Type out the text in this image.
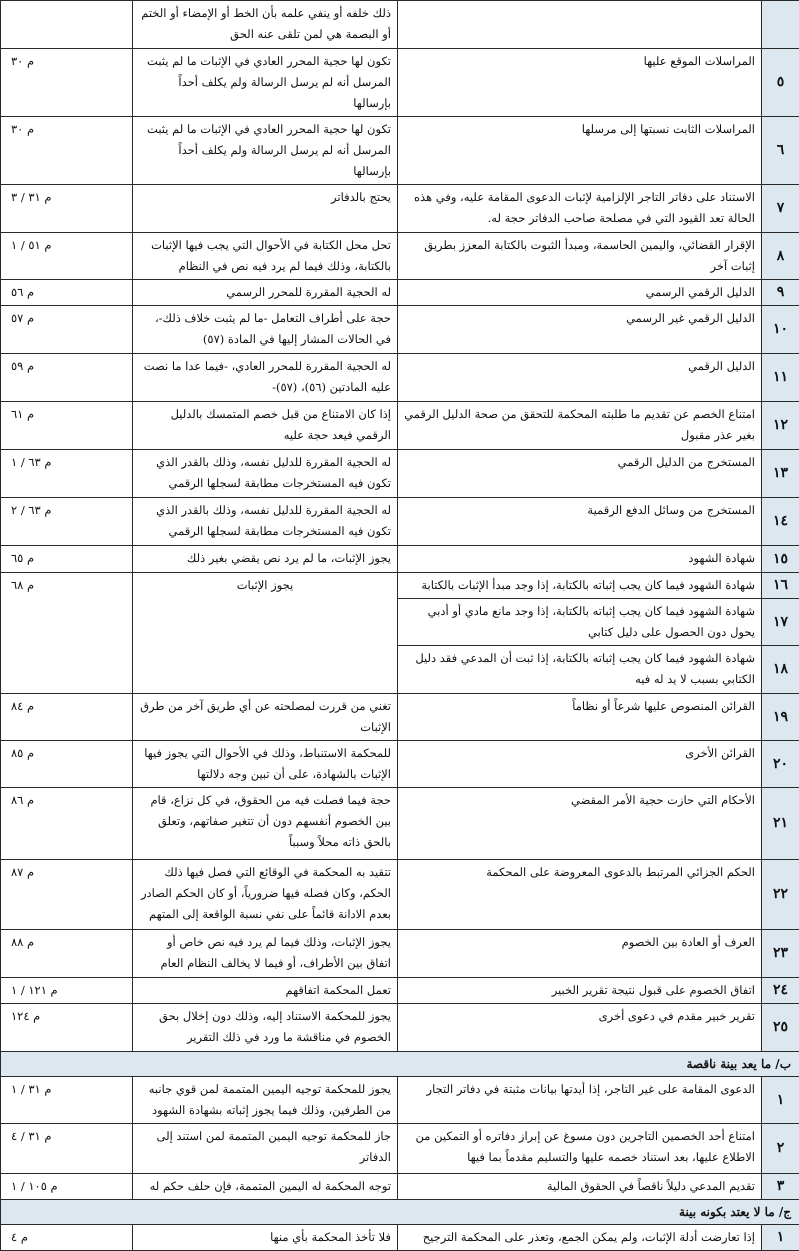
		ذلك خلفه أو ينفي علمه بأن الخط أو الإمضاء أو الختم أو البصمة هي لمن تلقى عنه الحق	
٥	المراسلات الموقع عليها	تكون لها حجية المحرر العادي في الإثبات ما لم يثبت المرسل أنه لم يرسل الرسالة ولم يكلف أحداً بإرسالها	م ٣٠
٦	المراسلات الثابت نسبتها إلى مرسلها	تكون لها حجية المحرر العادي في الإثبات ما لم يثبت المرسل أنه لم يرسل الرسالة ولم يكلف أحداً بإرسالها	م ٣٠
٧	الاستناد على دفاتر التاجر الإلزامية لإثبات الدعوى المقامة عليه، وفي هذه الحالة تعد القيود التي في مصلحة صاحب الدفاتر حجة له.	يحتج بالدفاتر	م ٣١ / ٣
٨	الإقرار القضائي، واليمين الحاسمة، ومبدأ الثبوت بالكتابة المعزز بطريق إثبات آخر	تحل محل الكتابة في الأحوال التي يجب فيها الإثبات بالكتابة، وذلك فيما لم يرد فيه نص في النظام	م ٥١ / ١
٩	الدليل الرقمي الرسمي	له الحجية المقررة للمحرر الرسمي	م ٥٦
١٠	الدليل الرقمي غير الرسمي	حجة على أطراف التعامل -ما لم يثبت خلاف ذلك-، في الحالات المشار إليها في المادة (٥٧)	م ٥٧
١١	الدليل الرقمي	له الحجية المقررة للمحرر العادي، -فيما عدا ما نصت عليه المادتين (٥٦)، (٥٧)-	م ٥٩
١٢	امتناع الخصم عن تقديم ما طلبته المحكمة للتحقق من صحة الدليل الرقمي بغير عذر مقبول	إذا كان الامتناع من قبل خصم المتمسك بالدليل الرقمي فيعد حجة عليه	م ٦١
١٣	المستخرج من الدليل الرقمي	له الحجية المقررة للدليل نفسه، وذلك بالقدر الذي تكون فيه المستخرجات مطابقة لسجلها الرقمي	م ٦٣ / ١
١٤	المستخرج من وسائل الدفع الرقمية	له الحجية المقررة للدليل نفسه، وذلك بالقدر الذي تكون فيه المستخرجات مطابقة لسجلها الرقمي	م ٦٣ / ٢
١٥	شهادة الشهود	يجوز الإثبات، ما لم يرد نص يقضي بغير ذلك	م ٦٥
١٦	شهادة الشهود فيما كان يجب إثباته بالكتابة، إذا وجد مبدأ الإثبات بالكتابة	يجوز الإثبات	م ٦٨
١٧	شهادة الشهود فيما كان يجب إثباته بالكتابة، إذا وجد مانع مادي أو أدبي يحول دون الحصول على دليل كتابي		
١٨	شهادة الشهود فيما كان يجب إثباته بالكتابة، إذا ثبت أن المدعي فقد دليل الكتابي بسبب لا يد له فيه		
١٩	القرائن المنصوص عليها شرعاً أو نظاماً	تغني من قررت لمصلحته عن أي طريق آخر من طرق الإثبات	م ٨٤
٢٠	القرائن الأخرى	للمحكمة الاستنباط، وذلك في الأحوال التي يجوز فيها الإثبات بالشهادة، على أن تبين وجه دلالتها	م ٨٥
٢١	الأحكام التي حازت حجية الأمر المقضي	حجة فيما فصلت فيه من الحقوق، في كل نزاع، قام بين الخصوم أنفسهم دون أن تتغير صفاتهم، وتعلق بالحق ذاته محلاً وسبباً	م ٨٦
٢٢	الحكم الجزائي المرتبط بالدعوى المعروضة على المحكمة	تتقيد به المحكمة في الوقائع التي فصل فيها ذلك الحكم، وكان فصله فيها ضرورياً، أو كان الحكم الصادر بعدم الادانة قائماً على نفي نسبة الواقعة إلى المتهم	م ٨٧
٢٣	العرف أو العادة بين الخصوم	يجوز الإثبات، وذلك فيما لم يرد فيه نص خاص أو اتفاق بين الأطراف، أو فيما لا يخالف النظام العام	م ٨٨
٢٤	اتفاق الخصوم على قبول نتيجة تقرير الخبير	تعمل المحكمة اتفاقهم	م ١٢١ / ١
٢٥	تقرير خبير مقدم في دعوى أخرى	يجوز للمحكمة الاستناد إليه، وذلك دون إخلال بحق الخصوم في مناقشة ما ورد في ذلك التقرير	م ١٢٤
ب/ ما يعد بينة ناقصة			
١	الدعوى المقامة على غير التاجر، إذا أيدتها بيانات مثبتة في دفاتر التجار	يجوز للمحكمة توجيه اليمين المتممة لمن قوي جانبه من الطرفين، وذلك فيما يجوز إثباته بشهادة الشهود	م ٣١ / ١
٢	امتناع أحد الخصمين التاجرين دون مسوغ عن إبراز دفاتره أو التمكين من الاطلاع عليها، بعد استناد خصمه عليها والتسليم مقدماً بما فيها	جاز للمحكمة توجيه اليمين المتممة لمن استند إلى الدفاتر	م ٣١ / ٤
٣	تقديم المدعي دليلاً ناقصاً في الحقوق المالية	توجه المحكمة له اليمين المتممة، فإن حلف حكم له	م ١٠٥ / ١
ج/ ما لا يعتد بكونه بينة			
١	إذا تعارضت أدلة الإثبات، ولم يمكن الجمع، وتعذر على المحكمة الترجيح	فلا تأخذ المحكمة بأي منها	م ٤
